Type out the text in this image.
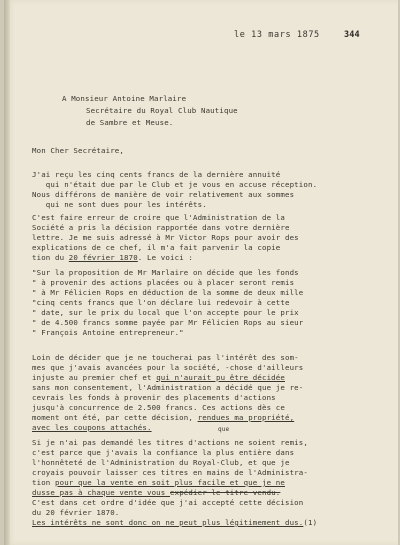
le 13 mars 1875	344
A Monsieur Antoine Marlaire
Secrétaire du Royal Club Nautique
de Sambre et Meuse.
Mon Cher Secrétaire,
J'ai reçu les cinq cents francs de la dernière annuité
qui n'était due par le Club et je vous en accuse réception.
Nous différons de manière de voir relativement aux sommes
qui ne sont dues pour les intérêts.
C'est faire erreur de croire que l'Administration de la
Société a pris la décision rapportée dans votre dernière
lettre. Je me suis adressé à Mr Victor Rops pour avoir des
explications de ce chef, il m'a fait parvenir la copie
tion du 20 février 1870. Le voici :
"Sur la proposition de Mr Marlaire on décide que les fonds
" à provenir des actions placées ou à placer seront remis
" à Mr Félicien Rops en déduction de la somme de deux mille
"cinq cents francs que l'on déclare lui redevoir à cette
" date, sur le prix du local que l'on accepte pour le prix
" de 4.500 francs somme payée par Mr Félicien Rops au sieur
" François Antoine entrepreneur."
Loin de décider que je ne toucherai pas l'intérêt des som-
mes que j'avais avancées pour la société, -chose d'ailleurs
injuste au premier chef et qui n'aurait pu être décidée
sans mon consentement, l'Administration a décidé que je re-
cevrais les fonds à provenir des placements d'actions
jusqu'à concurrence de 2.500 francs. Ces actions dès ce
moment ont été, par cette décision, rendues ma propriété,
avec les coupons attachés.	que
Si je n'ai pas demandé les titres d'actions ne soient remis,
c'est parce que j'avais la confiance la plus entière dans
l'honnêteté de l'Administration du Royal-Club, et que je
croyais pouvoir laisser ces titres en mains de l'Administra-
tion pour que la vente en soit plus facile et que je ne
dusse pas à chaque vente vous expédier le titre vendu.
C'est dans cet ordre d'idée que j'ai accepté cette décision
du 20 février 1870.
Les intérêts ne sont donc on ne peut plus légitimement dus.(1)
